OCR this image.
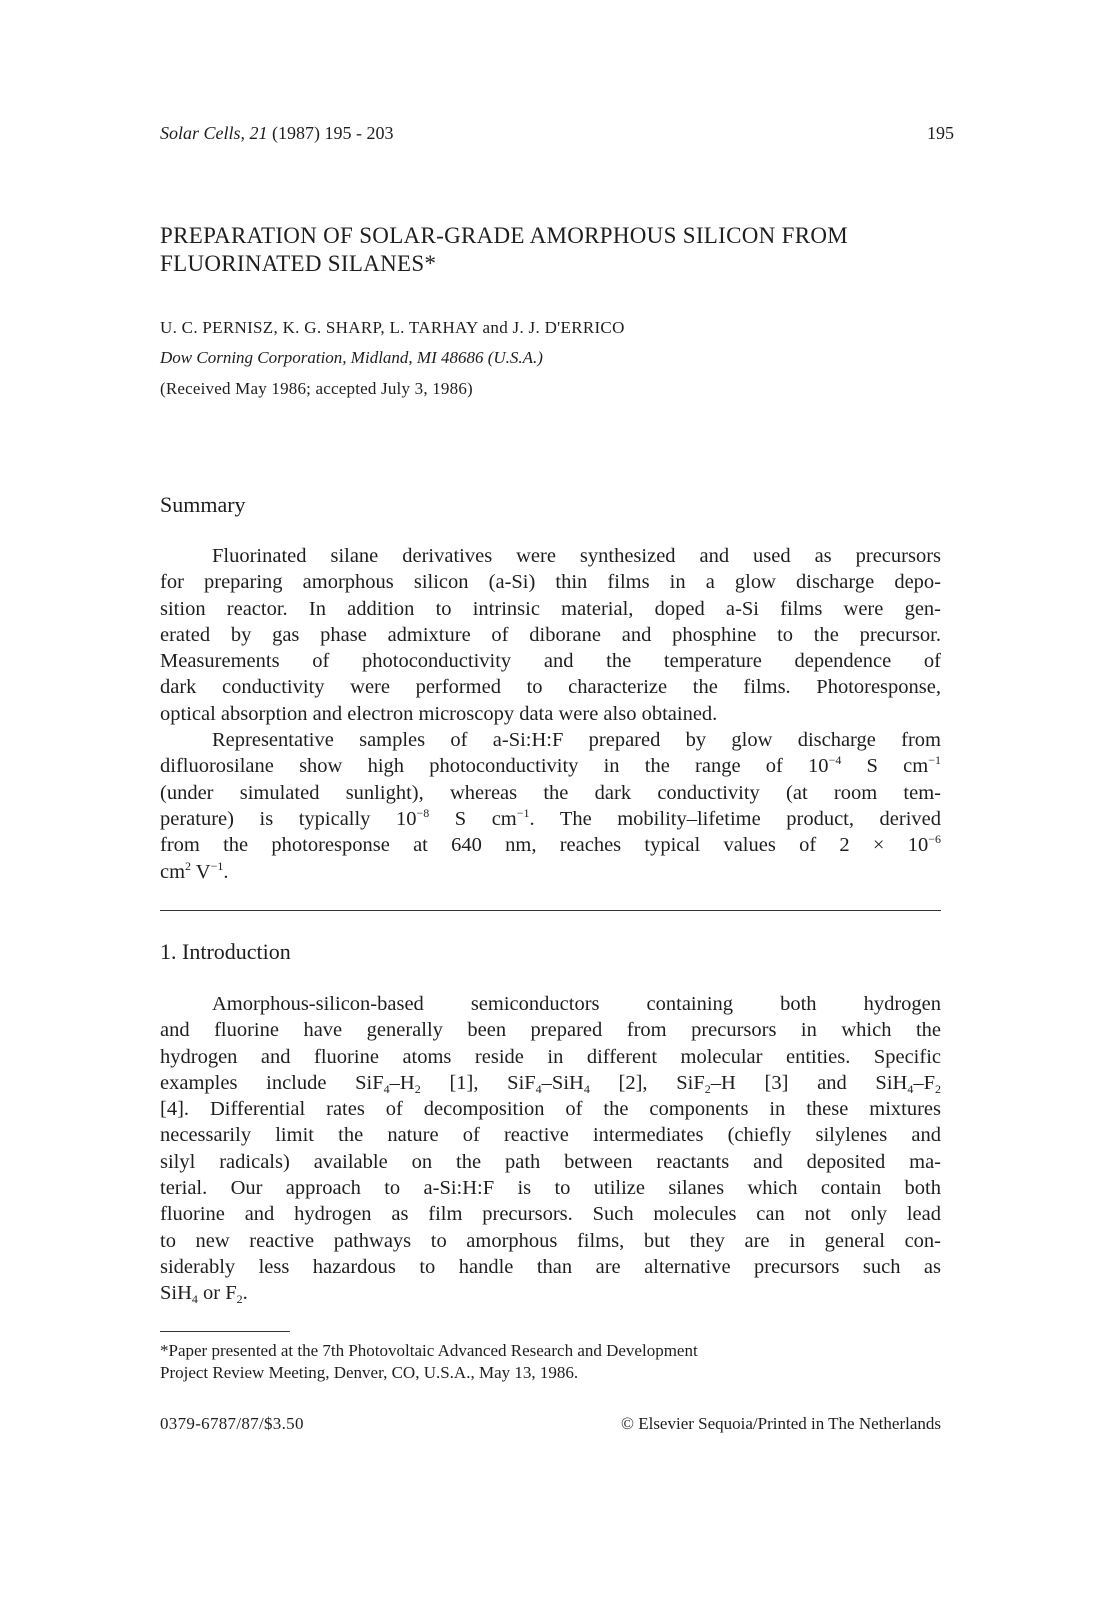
Solar Cells, 21 (1987) 195 - 203	195
PREPARATION OF SOLAR-GRADE AMORPHOUS SILICON FROM
FLUORINATED SILANES*
U. C. PERNISZ, K. G. SHARP, L. TARHAY and J. J. D'ERRICO
Dow Corning Corporation, Midland, MI 48686 (U.S.A.)
(Received May 1986; accepted July 3, 1986)
Summary
Fluorinated silane derivatives were synthesized and used as precursors
for preparing amorphous silicon (a-Si) thin films in a glow discharge depo-
sition reactor. In addition to intrinsic material, doped a-Si films were gen-
erated by gas phase admixture of diborane and phosphine to the precursor.
Measurements of photoconductivity and the temperature dependence of
dark conductivity were performed to characterize the films. Photoresponse,
optical absorption and electron microscopy data were also obtained.
Representative samples of a-Si:H:F prepared by glow discharge from
difluorosilane show high photoconductivity in the range of $10^{-4}$ S $cm^{-1}$
(under simulated sunlight), whereas the dark conductivity (at room tem-
perature) is typically $10^{-8}$ S $cm^{-1}$. The mobility–lifetime product, derived
from the photoresponse at 640 nm, reaches typical values of $2 \times 10^{-6}$
$cm^2$ $V^{-1}$.
1. Introduction
Amorphous-silicon-based semiconductors containing both hydrogen
and fluorine have generally been prepared from precursors in which the
hydrogen and fluorine atoms reside in different molecular entities. Specific
examples include $SiF_4-H_2$ [1], SiF$_4$–SiH$_4$ [2], SiF$_2$–H [3] and $SiH_4-F_2$
[4]. Differential rates of decomposition of the components in these mixtures
necessarily limit the nature of reactive intermediates (chiefly silylenes and
silyl radicals) available on the path between reactants and deposited ma-
terial. Our approach to a-Si:H:F is to utilize silanes which contain both
fluorine and hydrogen as film precursors. Such molecules can not only lead
to new reactive pathways to amorphous films, but they are in general con-
siderably less hazardous to handle than are alternative precursors such as
SiH$_4$ or $F_2$.
*Paper presented at the 7th Photovoltaic Advanced Research and Development
Project Review Meeting, Denver, CO, U.S.A., May 13, 1986.
0379-6787/87/$3.50	© Elsevier Sequoia/Printed in The Netherlands
